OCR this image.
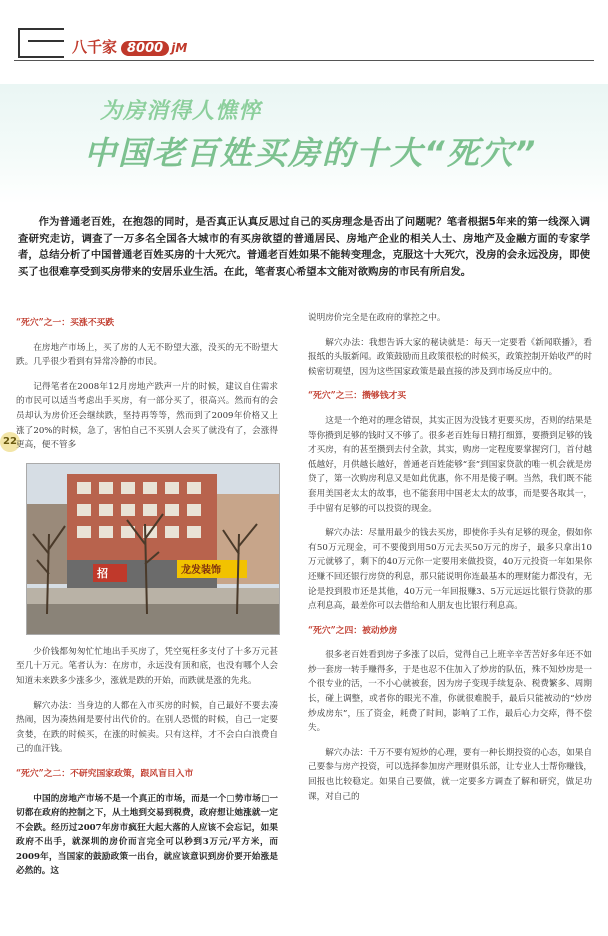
八千家 8000 jM
为房消得人憔悴
中国老百姓买房的十大“死穴”
作为普通老百姓，在抱怨的同时，是否真正认真反思过自己的买房理念是否出了问题呢？笔者根据5年来的第一线深入调查研究走访，调查了一万多名全国各大城市的有买房欲望的普通居民、房地产企业的相关人士、房地产及金融方面的专家学者，总结分析了中国普通老百姓买房的十大死穴。普通老百姓如果不能转变理念，克服这十大死穴，没房的会永远没房，即使买了也很难享受到买房带来的安居乐业生活。在此，笔者衷心希望本文能对欲购房的市民有所启发。
22
“死穴”之一：买涨不买跌

在房地产市场上，买了房的人无不盼望大涨，没买的无不盼望大跌。几乎很少看到有异常冷静的市民。

记得笔者在2008年12月房地产跌声一片的时候，建议自住需求的市民可以适当考虑出手买房，有一部分买了，很高兴。然而有的会员却认为房价还会继续跌，坚持再等等，然而到了2009年价格又上涨了20%的时候，急了，害怕自己不买别人会买了就没有了，会涨得更高，便不管多

招	龙发装饰

少价钱都匆匆忙忙地出手买房了，凭空冤枉多支付了十多万元甚至几十万元。笔者认为：在房市，永远没有顶和底，也没有哪个人会知道未来跌多少涨多少，涨就是跌的开始，而跌就是涨的先兆。

解穴办法：当身边的人都在入市买房的时候，自己最好不要去凑热闹，因为凑热闹是要付出代价的。在别人恐慌的时候，自己一定要贪婪，在跌的时候买，在涨的时候卖。只有这样，才不会白白浪费自己的血汗钱。

“死穴”之二：不研究国家政策，跟风盲目入市

中国的房地产市场不是一个真正的市场，而是一个□势市场□一切都在政府的控制之下，从土地到交易到税费，政府想让她涨就一定不会跌。经历过2007年房市疯狂大起大落的人应该不会忘记，如果政府不出手，就深圳的房价而言完全可以秒到3万元/平方米，而2009年，当国家的鼓励政策一出台，就应该意识到房价要开始涨是必然的。这

说明房价完全是在政府的掌控之中。

解穴办法：我想告诉大家的秘诀就是：每天一定要看《新闻联播》，看报纸的头版新闻。政策鼓励而且政策很松的时候买，政策控制开始收严的时候密切观望，因为这些国家政策是最直接的涉及到市场反应中的。

“死穴”之三：攒够钱才买

这是一个绝对的理念错误，其实正因为没钱才更要买房，否则的结果是等你攒到足够的钱时又不够了。很多老百姓每日精打细算，要攒到足够的钱才买房，有的甚至攒到去付全款，其实，购房一定程度要掌握窍门，首付越低越好，月供越长越好，普通老百姓能够“套”到国家贷款的唯一机会就是房贷了，第一次购房利息又是如此优惠，你不用是傻子啊。当然，我们既不能套用美国老太太的故事，也不能套用中国老太太的故事，而是要各取其一，手中留有足够的可以投资的现金。

解穴办法：尽量用最少的钱去买房，即使你手头有足够的现金，假如你有50万元现金，可不要傻到用50万元去买50万元的房子，最多只拿出10万元就够了，剩下的40万元你一定要用来做投资，40万元投资一年如果你还赚不回还银行房贷的利息，那只能说明你连最基本的理财能力都没有，无论是投到股市还是其他，40万元一年回报赚3、5万元远远比银行贷款的那点利息高，最差你可以去借给和人朋友也比银行利息高。

“死穴”之四：被动炒房

很多老百姓看到房子多涨了以后，觉得自己上班辛辛苦苦好多年还不如炒一套房一转手赚得多，于是也忍不住加入了炒房的队伍，殊不知炒房是一个很专业的活，一不小心就被套，因为房子变现手续复杂、税费繁多、周期长，碰上调整，或者你的眼光不准，你就很难脱手，最后只能被动的“炒房炒成房东”，压了资金，耗费了时间，影响了工作，最后心力交瘁，得不偿失。

解穴办法：千万不要有短炒的心理，要有一种长期投资的心态，如果自己要参与房产投资，可以选择参加房产理财俱乐部，让专业人士帮你赚钱，回报也比较稳定。如果自己要做，就一定要多方调查了解和研究，做足功课，对自己的
